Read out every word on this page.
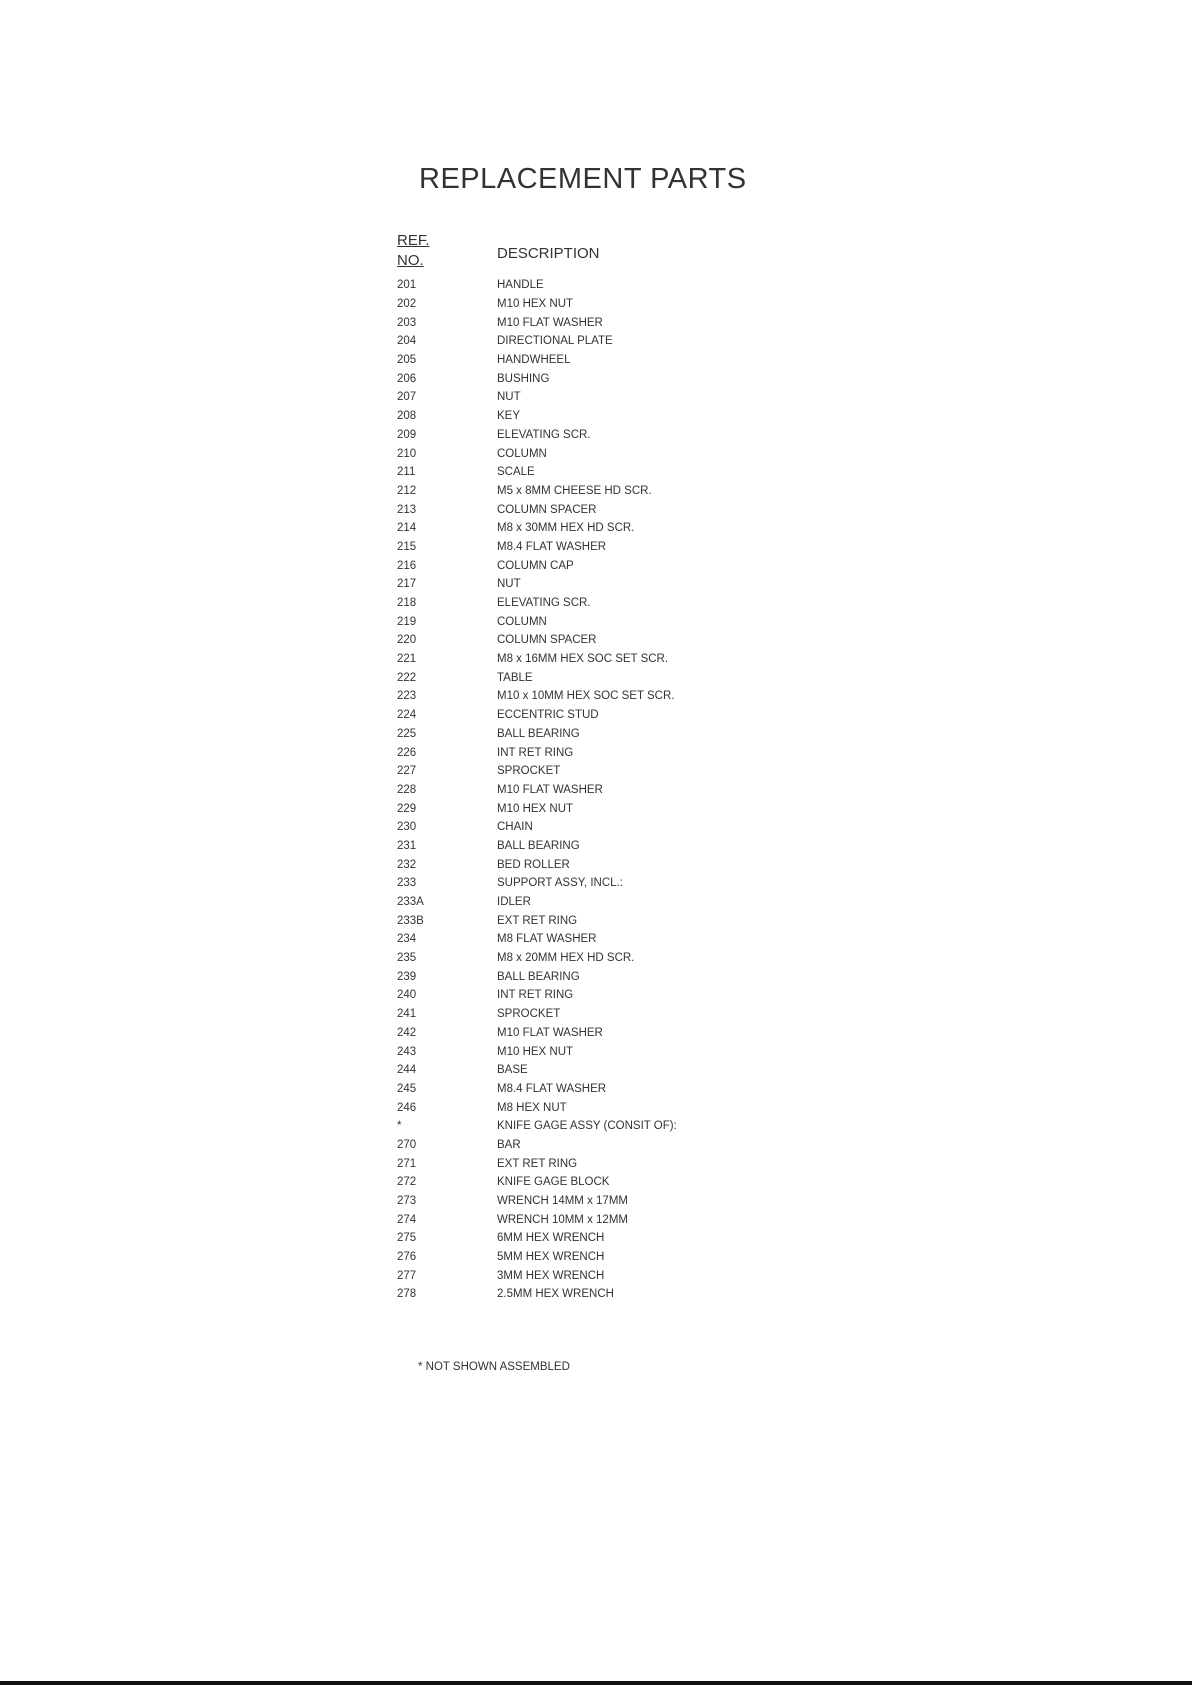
REPLACEMENT PARTS
REF.
NO.	DESCRIPTION
201	HANDLE
202	M10 HEX NUT
203	M10 FLAT WASHER
204	DIRECTIONAL PLATE
205	HANDWHEEL
206	BUSHING
207	NUT
208	KEY
209	ELEVATING SCR.
210	COLUMN
211	SCALE
212	M5 x 8MM CHEESE HD SCR.
213	COLUMN SPACER
214	M8 x 30MM HEX HD SCR.
215	M8.4 FLAT WASHER
216	COLUMN CAP
217	NUT
218	ELEVATING SCR.
219	COLUMN
220	COLUMN SPACER
221	M8 x 16MM HEX SOC SET SCR.
222	TABLE
223	M10 x 10MM HEX SOC SET SCR.
224	ECCENTRIC STUD
225	BALL BEARING
226	INT RET RING
227	SPROCKET
228	M10 FLAT WASHER
229	M10 HEX NUT
230	CHAIN
231	BALL BEARING
232	BED ROLLER
233	SUPPORT ASSY, INCL.:
233A	IDLER
233B	EXT RET RING
234	M8 FLAT WASHER
235	M8 x 20MM HEX HD SCR.
239	BALL BEARING
240	INT RET RING
241	SPROCKET
242	M10 FLAT WASHER
243	M10 HEX NUT
244	BASE
245	M8.4 FLAT WASHER
246	M8 HEX NUT
*	KNIFE GAGE ASSY (CONSIT OF):
270	BAR
271	EXT RET RING
272	KNIFE GAGE BLOCK
273	WRENCH 14MM x 17MM
274	WRENCH 10MM x 12MM
275	6MM HEX WRENCH
276	5MM HEX WRENCH
277	3MM HEX WRENCH
278	2.5MM HEX WRENCH
* NOT SHOWN ASSEMBLED
